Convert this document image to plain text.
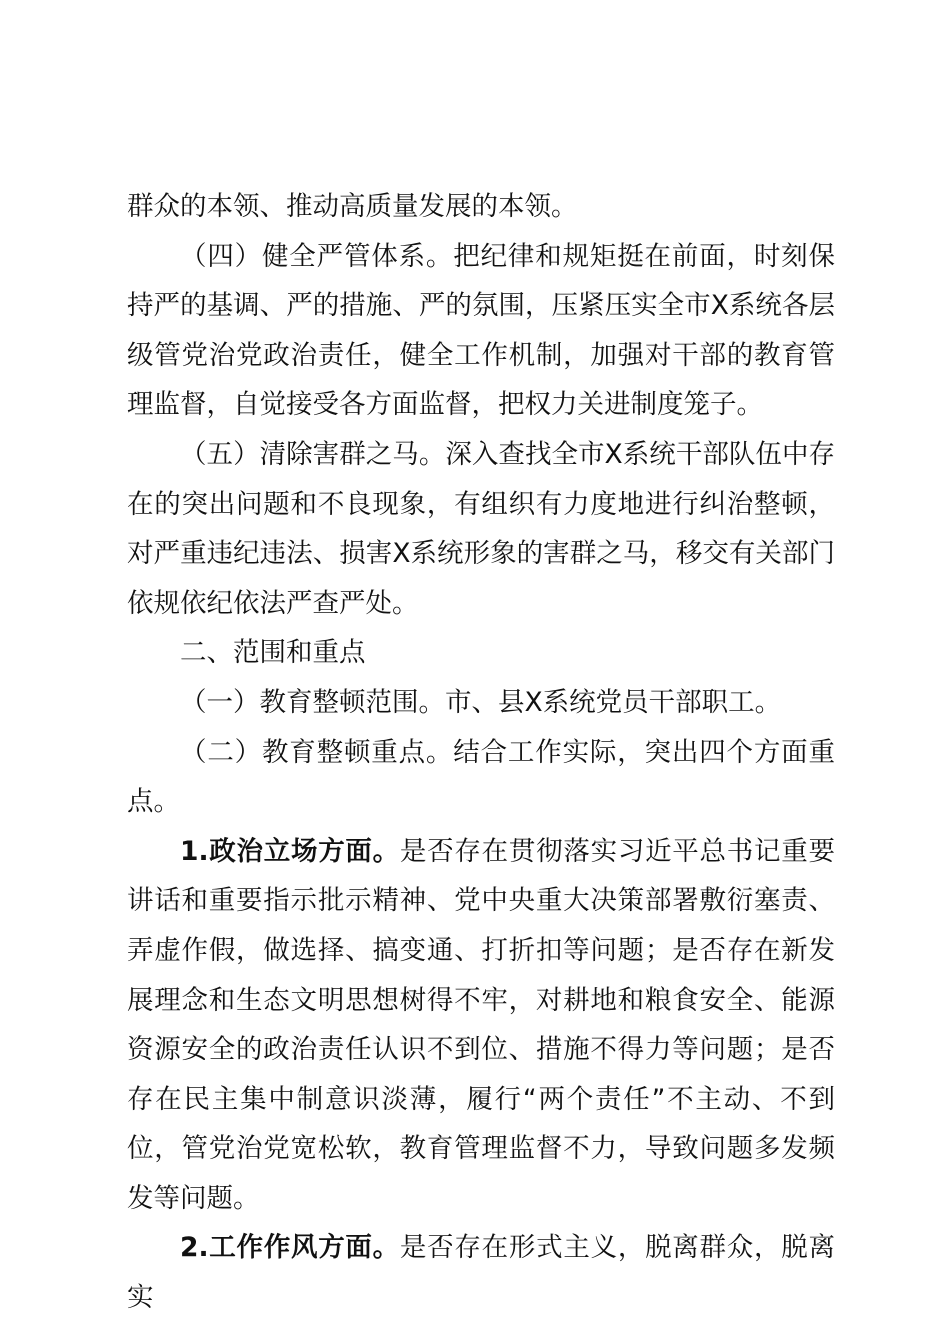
群众的本领、推动高质量发展的本领。

（四）健全严管体系。把纪律和规矩挺在前面，时刻保持严的基调、严的措施、严的氛围，压紧压实全市X系统各层级管党治党政治责任，健全工作机制，加强对干部的教育管理监督，自觉接受各方面监督，把权力关进制度笼子。

（五）清除害群之马。深入查找全市X系统干部队伍中存在的突出问题和不良现象，有组织有力度地进行纠治整顿，对严重违纪违法、损害X系统形象的害群之马，移交有关部门依规依纪依法严查严处。

二、范围和重点

（一）教育整顿范围。市、县X系统党员干部职工。

（二）教育整顿重点。结合工作实际，突出四个方面重点。

1.政治立场方面。是否存在贯彻落实习近平总书记重要讲话和重要指示批示精神、党中央重大决策部署敷衍塞责、弄虚作假，做选择、搞变通、打折扣等问题；是否存在新发展理念和生态文明思想树得不牢，对耕地和粮食安全、能源资源安全的政治责任认识不到位、措施不得力等问题；是否存在民主集中制意识淡薄，履行“两个责任”不主动、不到位，管党治党宽松软，教育管理监督不力，导致问题多发频发等问题。

2.工作作风方面。是否存在形式主义，脱离群众，脱离实
